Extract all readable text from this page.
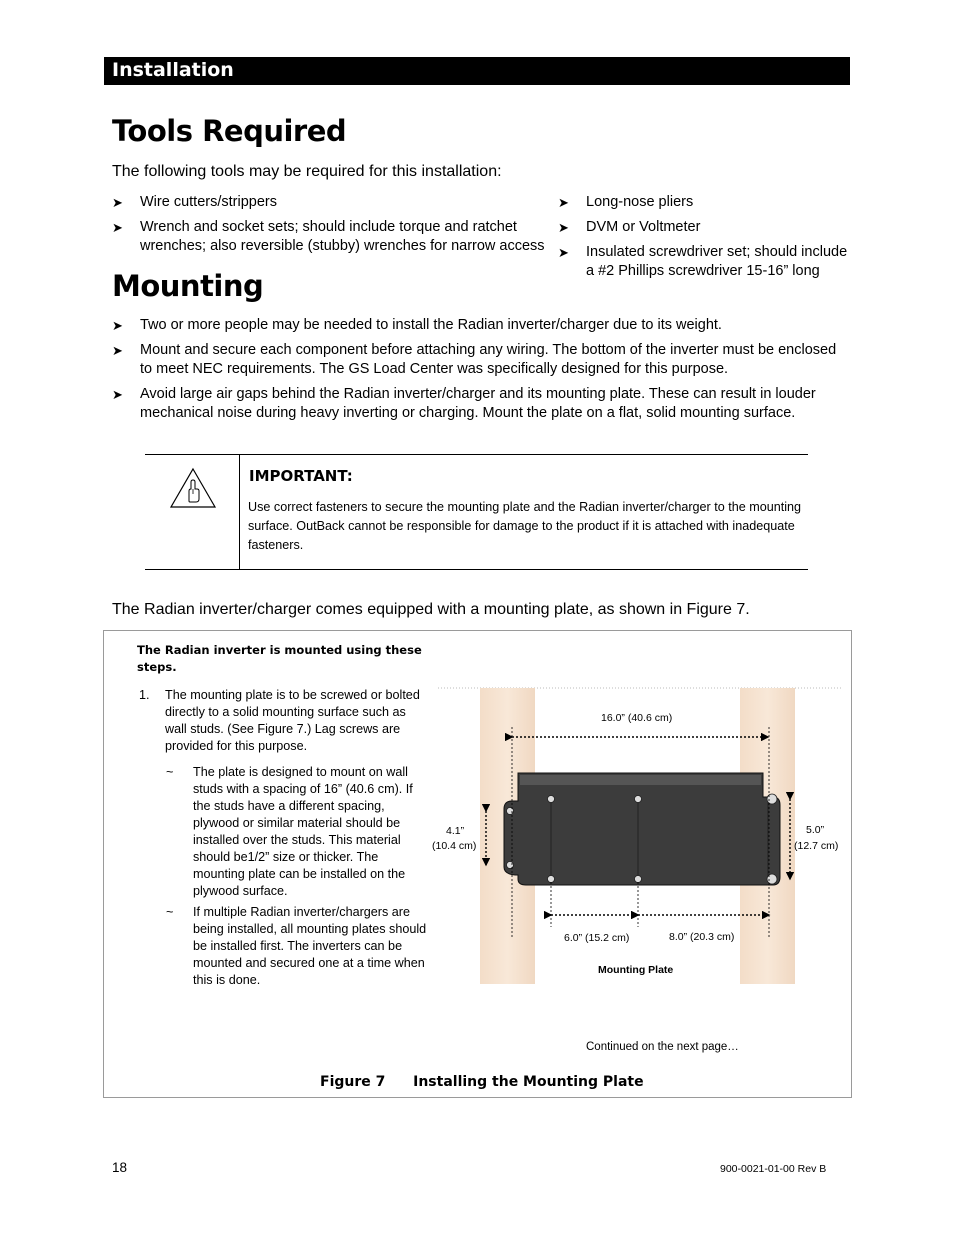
Installation
Tools Required
The following tools may be required for this installation:
➤ Wire cutters/strippers
➤ Wrench and socket sets; should include torque and ratchet wrenches; also reversible (stubby) wrenches for narrow access
➤ Long-nose pliers
➤ DVM or Voltmeter
➤ Insulated screwdriver set; should include a #2 Phillips screwdriver 15-16” long
Mounting
➤ Two or more people may be needed to install the Radian inverter/charger due to its weight.
➤ Mount and secure each component before attaching any wiring. The bottom of the inverter must be enclosed to meet NEC requirements. The GS Load Center was specifically designed for this purpose.
➤ Avoid large air gaps behind the Radian inverter/charger and its mounting plate. These can result in louder mechanical noise during heavy inverting or charging. Mount the plate on a flat, solid mounting surface.
IMPORTANT:
Use correct fasteners to secure the mounting plate and the Radian inverter/charger to the mounting surface. OutBack cannot be responsible for damage to the product if it is attached with inadequate fasteners.
The Radian inverter/charger comes equipped with a mounting plate, as shown in Figure 7.
The Radian inverter is mounted using these steps.
1. The mounting plate is to be screwed or bolted directly to a solid mounting surface such as wall studs. (See Figure 7.) Lag screws are provided for this purpose.
~ The plate is designed to mount on wall studs with a spacing of 16” (40.6 cm). If the studs have a different spacing, plywood or similar material should be installed over the studs. This material should be1/2” size or thicker. The mounting plate can be installed on the plywood surface.
~ If multiple Radian inverter/chargers are being installed, all mounting plates should be installed first. The inverters can be mounted and secured one at a time when this is done.
16.0” (40.6 cm)
4.1”
(10.4 cm)
5.0”
(12.7 cm)
6.0” (15.2 cm)	8.0” (20.3 cm)
Mounting Plate
Continued on the next page…
Figure 7 Installing the Mounting Plate
18	900-0021-01-00 Rev B
